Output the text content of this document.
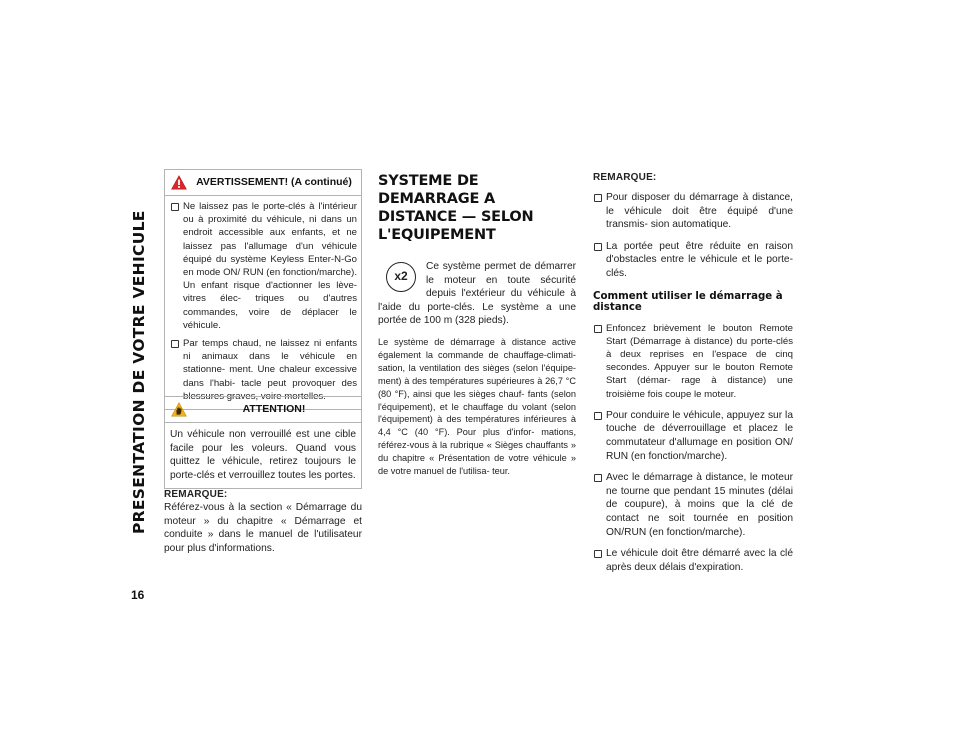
PRESENTATION DE VOTRE VEHICULE
16
AVERTISSEMENT! (A continué)
Ne laissez pas le porte-clés à l'intérieur ou à proximité du véhicule, ni dans un endroit accessible aux enfants, et ne laissez pas l'allumage d'un véhicule équipé du système Keyless Enter-N-Go en mode ON/ RUN (en fonction/marche). Un enfant risque d'actionner les lève-vitres élec- triques ou d'autres commandes, voire de déplacer le véhicule.
Par temps chaud, ne laissez ni enfants ni animaux dans le véhicule en stationne- ment. Une chaleur excessive dans l'habi- tacle peut provoquer des blessures graves, voire mortelles.
ATTENTION!
Un véhicule non verrouillé est une cible facile pour les voleurs. Quand vous quittez le véhicule, retirez toujours le porte-clés et verrouillez toutes les portes.
REMARQUE:
Référez-vous à la section « Démarrage du moteur » du chapitre « Démarrage et conduite » dans le manuel de l'utilisateur pour plus d'informations.
SYSTEME DE DEMARRAGE A
DISTANCE — SELON
L'EQUIPEMENT
x2
Ce système permet de démarrer le moteur en toute sécurité depuis l'extérieur du véhicule à l'aide du porte-clés. Le système a une portée de 100 m (328 pieds).
Le système de démarrage à distance active également la commande de chauffage-climati- sation, la ventilation des sièges (selon l'équipe- ment) à des températures supérieures à 26,7 °C (80 °F), ainsi que les sièges chauf- fants (selon l'équipement), et le chauffage du volant (selon l'équipement) à des températures inférieures à 4,4 °C (40 °F). Pour plus d'infor- mations, référez-vous à la rubrique « Sièges chauffants » du chapitre « Présentation de votre véhicule » de votre manuel de l'utilisa- teur.
REMARQUE:
Pour disposer du démarrage à distance, le véhicule doit être équipé d'une transmis- sion automatique.
La portée peut être réduite en raison d'obstacles entre le véhicule et le porte-clés.
Comment utiliser le démarrage à distance
Enfoncez brièvement le bouton Remote Start (Démarrage à distance) du porte-clés à deux reprises en l'espace de cinq secondes. Appuyer sur le bouton Remote Start (démar- rage à distance) une troisième fois coupe le moteur.
Pour conduire le véhicule, appuyez sur la touche de déverrouillage et placez le commutateur d'allumage en position ON/ RUN (en fonction/marche).
Avec le démarrage à distance, le moteur ne tourne que pendant 15 minutes (délai de coupure), à moins que la clé de contact ne soit tournée en position ON/RUN (en fonction/marche).
Le véhicule doit être démarré avec la clé après deux délais d'expiration.
